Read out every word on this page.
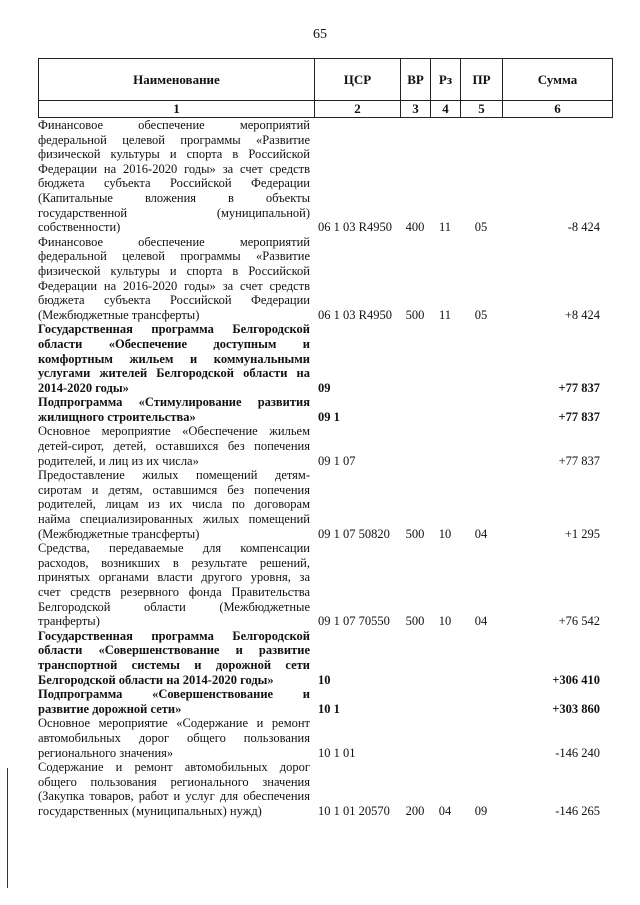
65
Наименование	ЦСР	ВР	Рз	ПР	Сумма
1	2	3	4	5	6
Финансовое обеспечение мероприятий
федеральной целевой программы «Развитие
физической культуры и спорта в Российской
Федерации на 2016-2020 годы» за счет средств
бюджета субъекта Российской Федерации
(Капитальные вложения в объекты
государственной (муниципальной)
собственности)	06 1 03 R4950	400	11	05	-8 424
Финансовое обеспечение мероприятий
федеральной целевой программы «Развитие
физической культуры и спорта в Российской
Федерации на 2016-2020 годы» за счет средств
бюджета субъекта Российской Федерации
(Межбюджетные трансферты)	06 1 03 R4950	500	11	05	+8 424
Государственная программа Белгородской
области «Обеспечение доступным и
комфортным жильем и коммунальными
услугами жителей Белгородской области на
2014-2020 годы»	09	+77 837
Подпрограмма «Стимулирование развития
жилищного строительства»	09 1	+77 837
Основное мероприятие «Обеспечение жильем
детей-сирот, детей, оставшихся без попечения
родителей, и лиц из их числа»	09 1 07	+77 837
Предоставление жилых помещений детям-
сиротам и детям, оставшимся без попечения
родителей, лицам из их числа по договорам
найма специализированных жилых помещений
(Межбюджетные трансферты)	09 1 07 50820	500	10	04	+1 295
Средства, передаваемые для компенсации
расходов, возникших в результате решений,
принятых органами власти другого уровня, за
счет средств резервного фонда Правительства
Белгородской области (Межбюджетные
транферты)	09 1 07 70550	500	10	04	+76 542
Государственная программа Белгородской
области «Совершенствование и развитие
транспортной системы и дорожной сети
Белгородской области на 2014-2020 годы»	10	+306 410
Подпрограмма «Совершенствование и
развитие дорожной сети»	10 1	+303 860
Основное мероприятие «Содержание и ремонт
автомобильных дорог общего пользования
регионального значения»	10 1 01	-146 240
Содержание и ремонт автомобильных дорог
общего пользования регионального значения
(Закупка товаров, работ и услуг для обеспечения
государственных (муниципальных) нужд)	10 1 01 20570	200	04	09	-146 265
